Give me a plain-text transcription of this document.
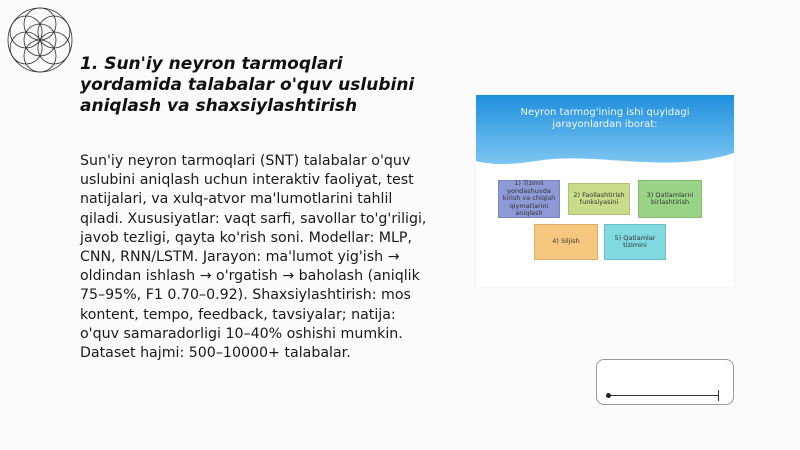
1. Sun'iy neyron tarmoqlari yordamida talabalar o'quv uslubini aniqlash va shaxsiylashtirish

Sun'iy neyron tarmoqlari (SNT) talabalar o'quv uslubini aniqlash uchun interaktiv faoliyat, test natijalari, va xulq-atvor ma'lumotlarini tahlil qiladi. Xususiyatlar: vaqt sarfi, savollar to'g'riligi, javob tezligi, qayta ko'rish soni. Modellar: MLP, CNN, RNN/LSTM. Jarayon: ma'lumot yig'ish → oldindan ishlash → o'rgatish → baholash (aniqlik 75–95%, F1 0.70–0.92). Shaxsiylashtirish: mos kontent, tempo, feedback, tavsiyalar; natija: o'quv samaradorligi 10–40% oshishi mumkin. Dataset hajmi: 500–10000+ talabalar.

Neyron tarmog'ining ishi quyidagi jarayonlardan iborat:
1) Tizimli yondashuvda kirish va chiqish qiymatlarini aniqlash
2) Faollashtirish funksiyasini
3) Qatlamlarni birlashtirish
4) Siljish	5) Qatlamlar tizimini
